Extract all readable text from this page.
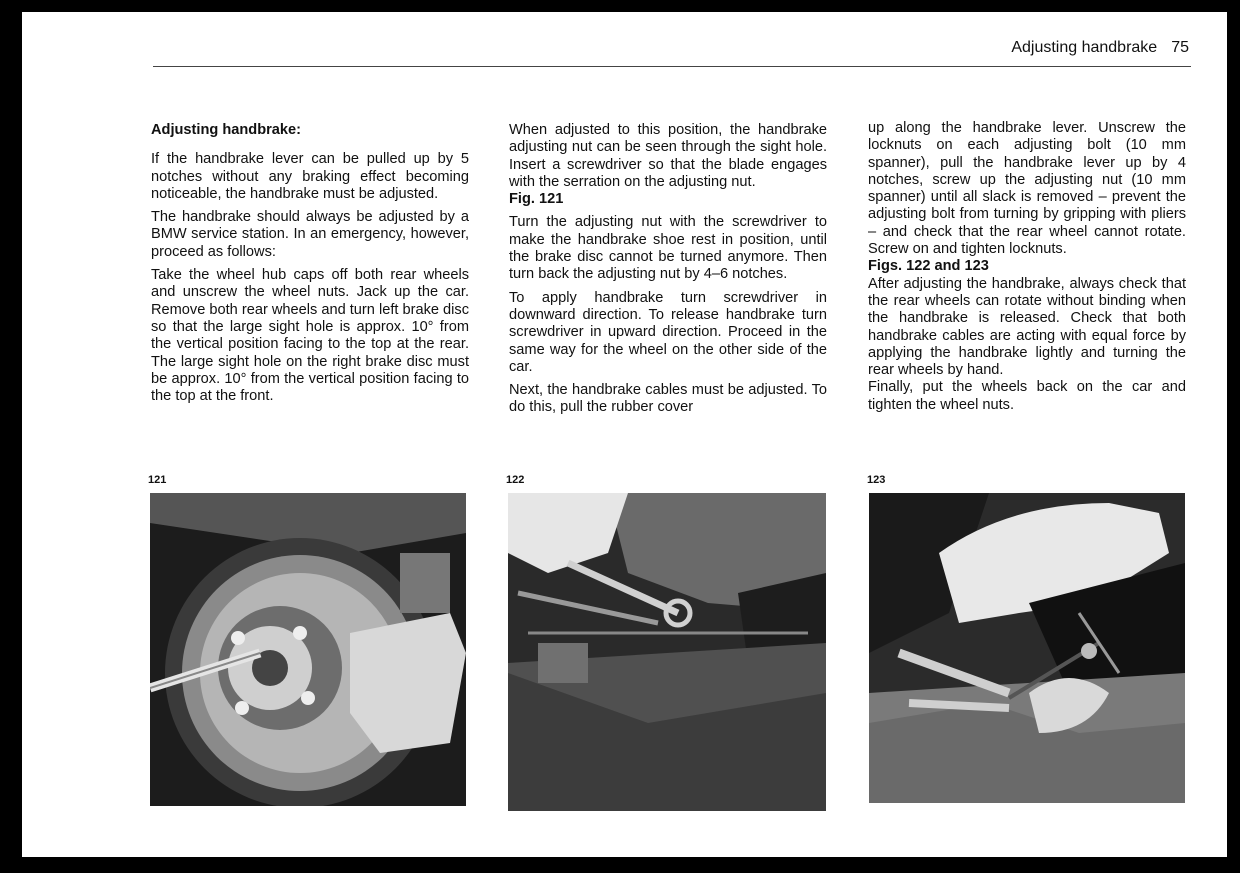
Adjusting handbrake 75
Adjusting handbrake:

If the handbrake lever can be pulled up by 5 notches without any braking effect becoming noticeable, the handbrake must be adjusted.

The handbrake should always be adjusted by a BMW service station. In an emergency, however, proceed as follows:

Take the wheel hub caps off both rear wheels and unscrew the wheel nuts. Jack up the car. Remove both rear wheels and turn left brake disc so that the large sight hole is approx. 10° from the vertical position facing to the top at the rear. The large sight hole on the right brake disc must be approx. 10° from the vertical position facing to the top at the front.

When adjusted to this position, the handbrake adjusting nut can be seen through the sight hole. Insert a screwdriver so that the blade engages with the serration on the adjusting nut.

Fig. 121

Turn the adjusting nut with the screwdriver to make the handbrake shoe rest in position, until the brake disc cannot be turned anymore. Then turn back the adjusting nut by 4–6 notches.

To apply handbrake turn screwdriver in downward direction. To release handbrake turn screwdriver in upward direction. Proceed in the same way for the wheel on the other side of the car.

Next, the handbrake cables must be adjusted. To do this, pull the rubber cover

up along the handbrake lever. Unscrew the locknuts on each adjusting bolt (10 mm spanner), pull the handbrake lever up by 4 notches, screw up the adjusting nut (10 mm spanner) until all slack is removed – prevent the adjusting bolt from turning by gripping with pliers – and check that the rear wheel cannot rotate. Screw on and tighten locknuts.

Figs. 122 and 123

After adjusting the handbrake, always check that the rear wheels can rotate without binding when the handbrake is released. Check that both handbrake cables are acting with equal force by applying the handbrake lightly and turning the rear wheels by hand.

Finally, put the wheels back on the car and tighten the wheel nuts.

121	122	123
